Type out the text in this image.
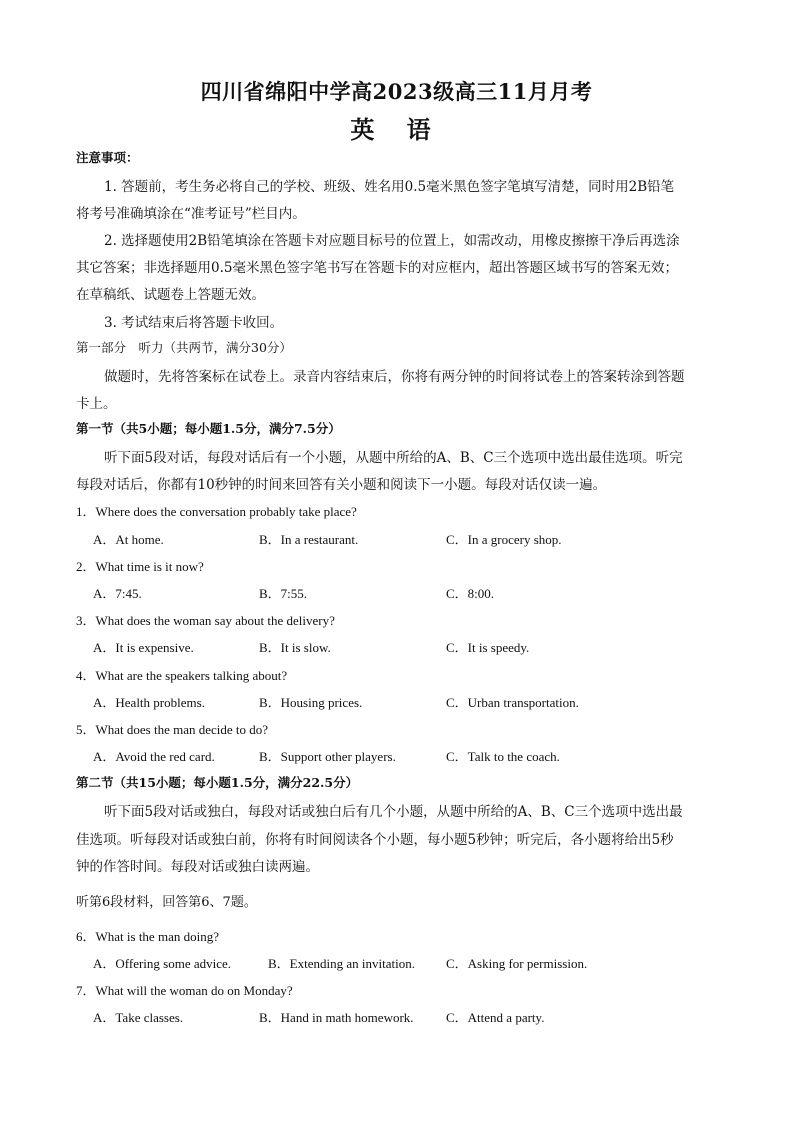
四川省绵阳中学高2023级高三11月月考
英 语
注意事项：
1. 答题前，考生务必将自己的学校、班级、姓名用0.5毫米黑色签字笔填写清楚，同时用2B铅笔
将考号准确填涂在“准考证号”栏目内。
2. 选择题使用2B铅笔填涂在答题卡对应题目标号的位置上，如需改动，用橡皮擦擦干净后再选涂
其它答案；非选择题用0.5毫米黑色签字笔书写在答题卡的对应框内，超出答题区域书写的答案无效；
在草稿纸、试题卷上答题无效。
3. 考试结束后将答题卡收回。
第一部分　听力（共两节，满分30分）
做题时，先将答案标在试卷上。录音内容结束后，你将有两分钟的时间将试卷上的答案转涂到答题
卡上。
第一节（共5小题；每小题1.5分，满分7.5分）
听下面5段对话，每段对话后有一个小题，从题中所给的A、B、C三个选项中选出最佳选项。听完
每段对话后，你都有10秒钟的时间来回答有关小题和阅读下一小题。每段对话仅读一遍。
1．Where does the conversation probably take place?
A．At home.	B．In a restaurant.	C．In a grocery shop.
2．What time is it now?
A．7:45.	B．7:55.	C．8:00.
3．What does the woman say about the delivery?
A．It is expensive.	B．It is slow.	C．It is speedy.
4．What are the speakers talking about?
A．Health problems.	B．Housing prices.	C．Urban transportation.
5．What does the man decide to do?
A．Avoid the red card.	B．Support other players.	C．Talk to the coach.
第二节（共15小题；每小题1.5分，满分22.5分）
听下面5段对话或独白，每段对话或独白后有几个小题，从题中所给的A、B、C三个选项中选出最
佳选项。听每段对话或独白前，你将有时间阅读各个小题，每小题5秒钟；听完后，各小题将给出5秒
钟的作答时间。每段对话或独白读两遍。
听第6段材料，回答第6、7题。
6．What is the man doing?
A．Offering some advice.	B．Extending an invitation. C．Asking for permission.
7．What will the woman do on Monday?
A．Take classes.	B．Hand in math homework. C．Attend a party.
